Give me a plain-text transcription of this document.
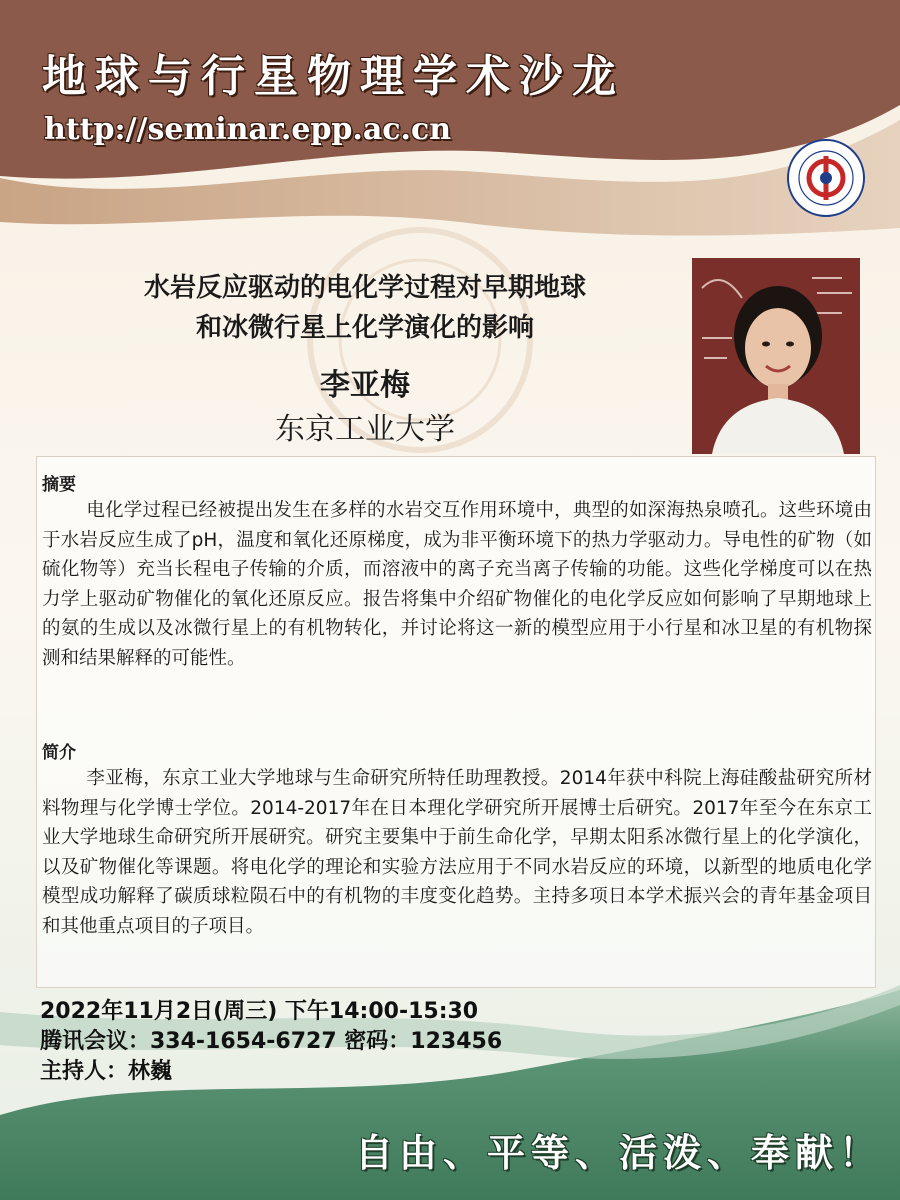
地球与行星物理学术沙龙
http://seminar.epp.ac.cn
水岩反应驱动的电化学过程对早期地球
和冰微行星上化学演化的影响
李亚梅
东京工业大学
摘要
电化学过程已经被提出发生在多样的水岩交互作用环境中，典型的如深海热泉喷孔。这些环境由于水岩反应生成了pH，温度和氧化还原梯度，成为非平衡环境下的热力学驱动力。导电性的矿物（如硫化物等）充当长程电子传输的介质，而溶液中的离子充当离子传输的功能。这些化学梯度可以在热力学上驱动矿物催化的氧化还原反应。报告将集中介绍矿物催化的电化学反应如何影响了早期地球上的氨的生成以及冰微行星上的有机物转化，并讨论将这一新的模型应用于小行星和冰卫星的有机物探测和结果解释的可能性。
简介
李亚梅，东京工业大学地球与生命研究所特任助理教授。2014年获中科院上海硅酸盐研究所材料物理与化学博士学位。2014-2017年在日本理化学研究所开展博士后研究。2017年至今在东京工业大学地球生命研究所开展研究。研究主要集中于前生命化学，早期太阳系冰微行星上的化学演化，以及矿物催化等课题。将电化学的理论和实验方法应用于不同水岩反应的环境，以新型的地质电化学模型成功解释了碳质球粒陨石中的有机物的丰度变化趋势。主持多项日本学术振兴会的青年基金项目和其他重点项目的子项目。
2022年11月2日(周三) 下午14:00-15:30
腾讯会议：334-1654-6727 密码：123456
主持人：林巍
自由、平等、活泼、奉献！
